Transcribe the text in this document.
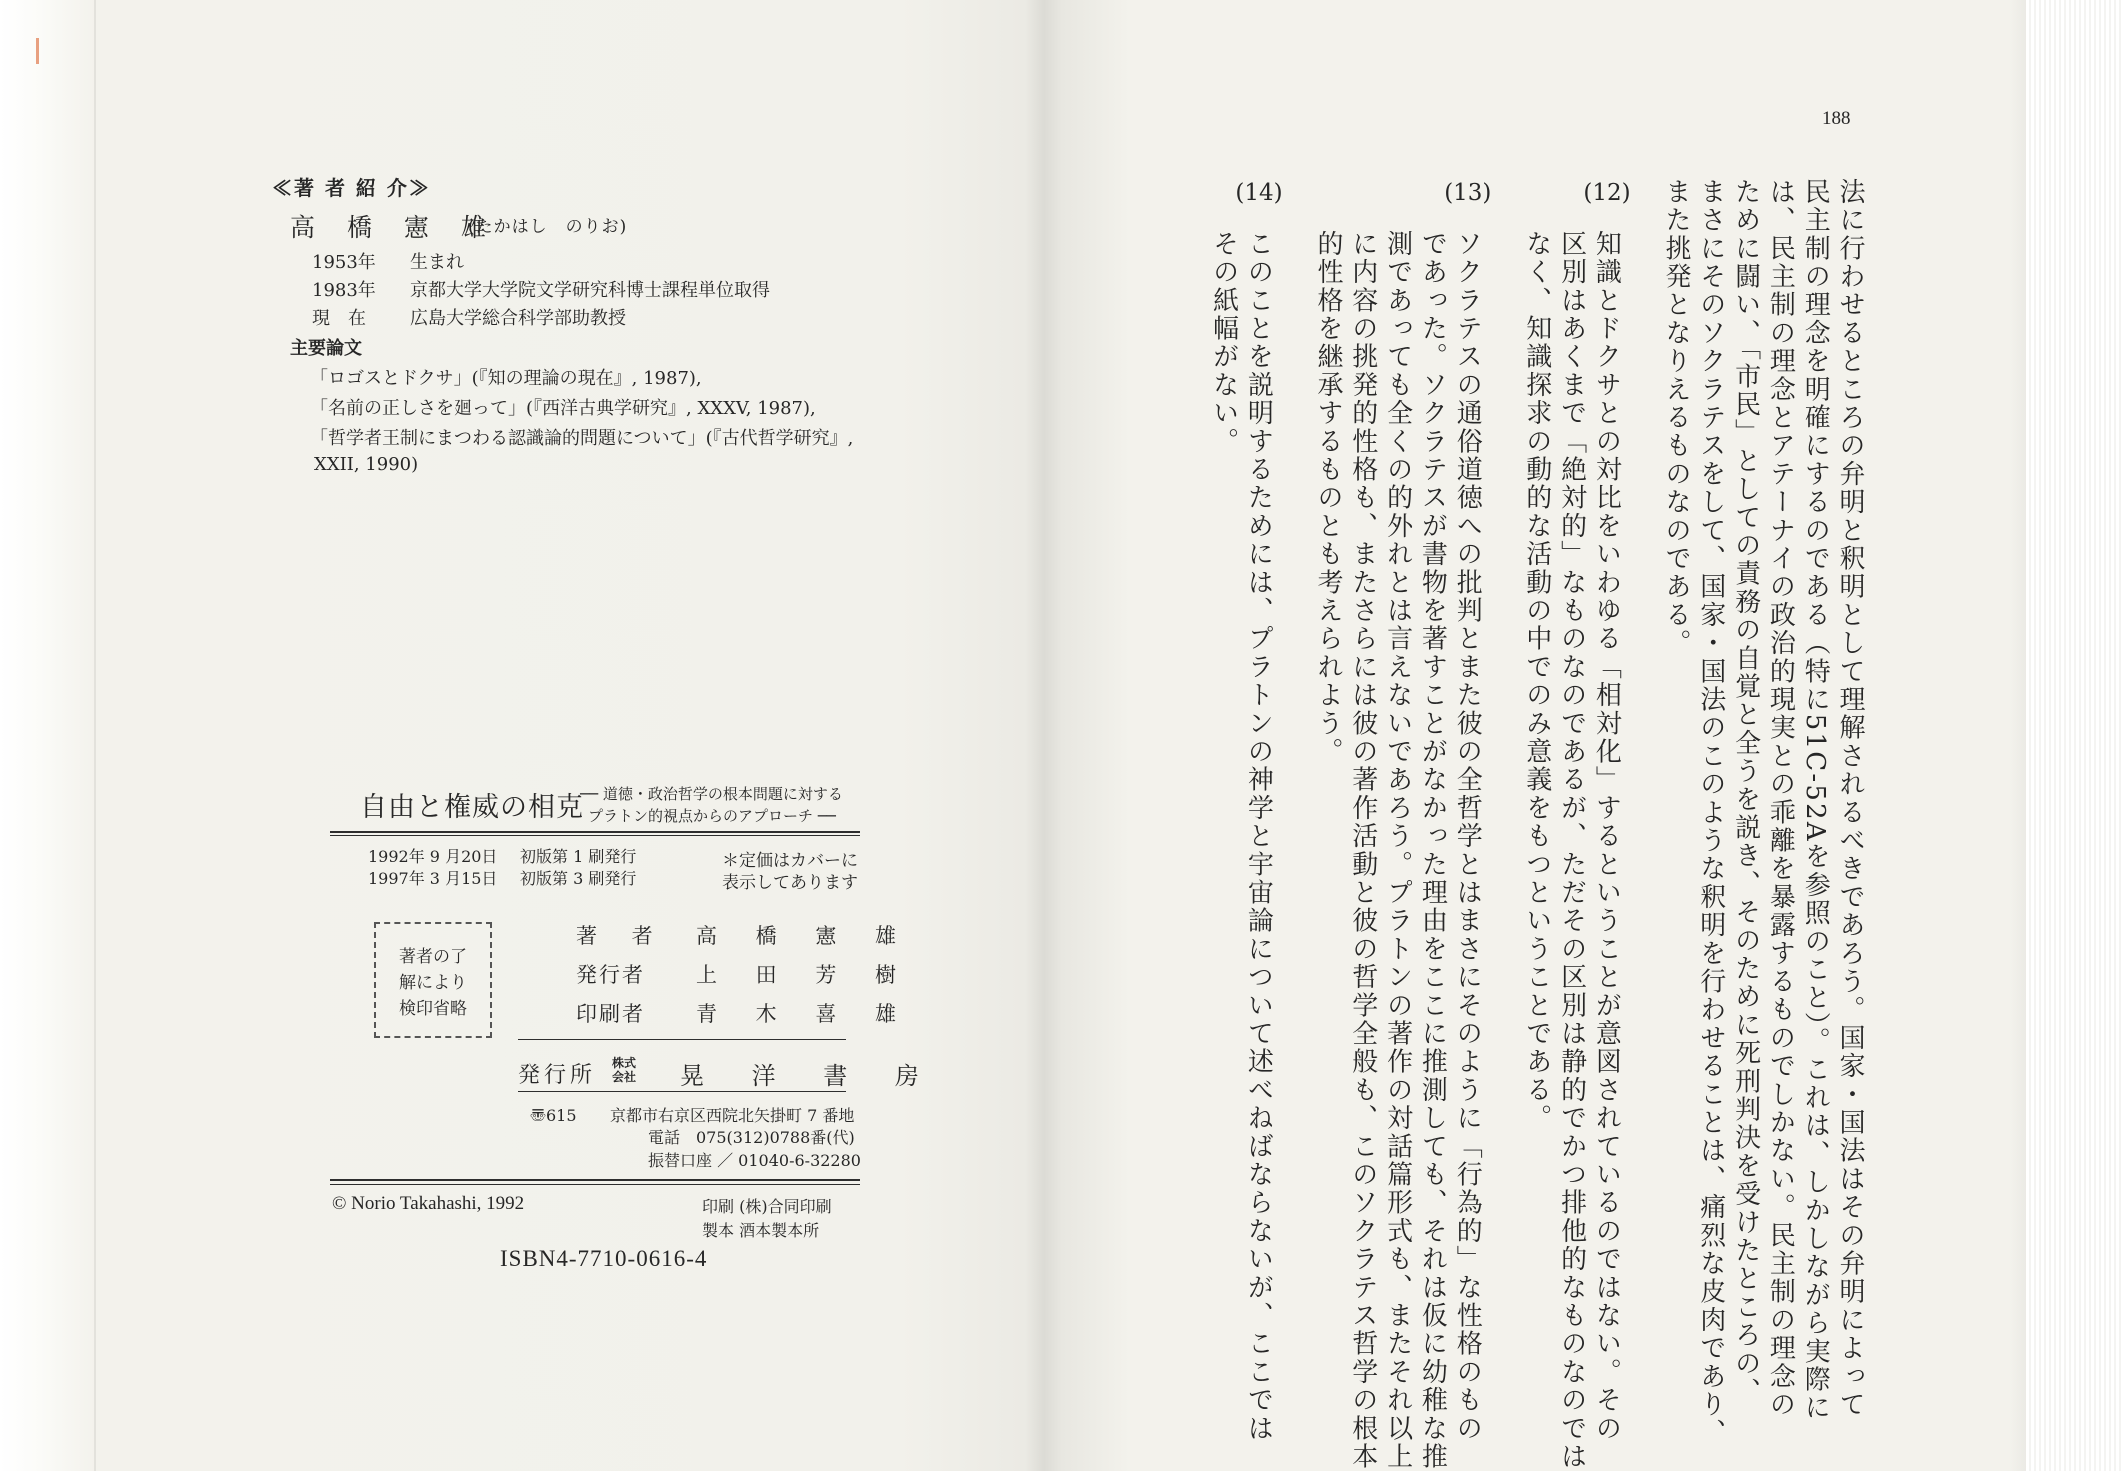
≪著 者 紹 介≫
高 橋 憲 雄
(たかはし　のりお)
1953年 生まれ
1983年 京都大学大学院文学研究科博士課程単位取得
現　在 広島大学総合科学部助教授
主要論文
「ロゴスとドクサ」(『知の理論の現在』, 1987),
「名前の正しさを廻って」(『西洋古典学研究』, XXXV, 1987),
「哲学者王制にまつわる認識論的問題について」(『古代哲学研究』,
XXII, 1990)
自由と権威の相克
── 道徳・政治哲学の根本問題に対する
プラトン的視点からのアプローチ ──
1992年 9 月20日 初版第 1 刷発行
1997年 3 月15日 初版第 3 刷発行
＊定価はカバーに
表示してあります
著者の了
解により
検印省略
著 者 高 橋 憲 雄
発行者 上 田 芳 樹
印刷者 青 木 喜 雄
発行所 株式
会社 晃 洋 書 房
〠615 京都市右京区西院北矢掛町 7 番地
電話　075(312)0788番(代)
振替口座 ／ 01040-6-32280
© Norio Takahashi, 1992	印刷 (株)合同印刷
製本 酒本製本所
ISBN4-7710-0616-4
188
法に行わせるところの弁明と釈明として理解されるべきであろう。国家・国法はその弁明によって
民主制の理念を明確にするのである（特に51C-52Aを参照のこと）。これは、しかしながら実際に
は、民主制の理念とアテーナイの政治的現実との乖離を暴露するものでしかない。民主制の理念の
ために闘い、「市民」としての責務の自覚と全うを説き、そのために死刑判決を受けたところの、
まさにそのソクラテスをして、国家・国法のこのような釈明を行わせることは、痛烈な皮肉であり、
また挑発となりえるものなのである。
(12)
知識とドクサとの対比をいわゆる「相対化」するということが意図されているのではない。その
区別はあくまで「絶対的」なものなのであるが、ただその区別は静的でかつ排他的なものなのでは
なく、知識探求の動的な活動の中でのみ意義をもつということである。
(13)
ソクラテスの通俗道徳への批判とまた彼の全哲学とはまさにそのように「行為的」な性格のもの
であった。ソクラテスが書物を著すことがなかった理由をここに推測しても、それは仮に幼稚な推
測であっても全くの的外れとは言えないであろう。プラトンの著作の対話篇形式も、またそれ以上
に内容の挑発的性格も、またさらには彼の著作活動と彼の哲学全般も、このソクラテス哲学の根本
的性格を継承するものとも考えられよう。
(14)
このことを説明するためには、プラトンの神学と宇宙論について述べねばならないが、ここでは
その紙幅がない。
